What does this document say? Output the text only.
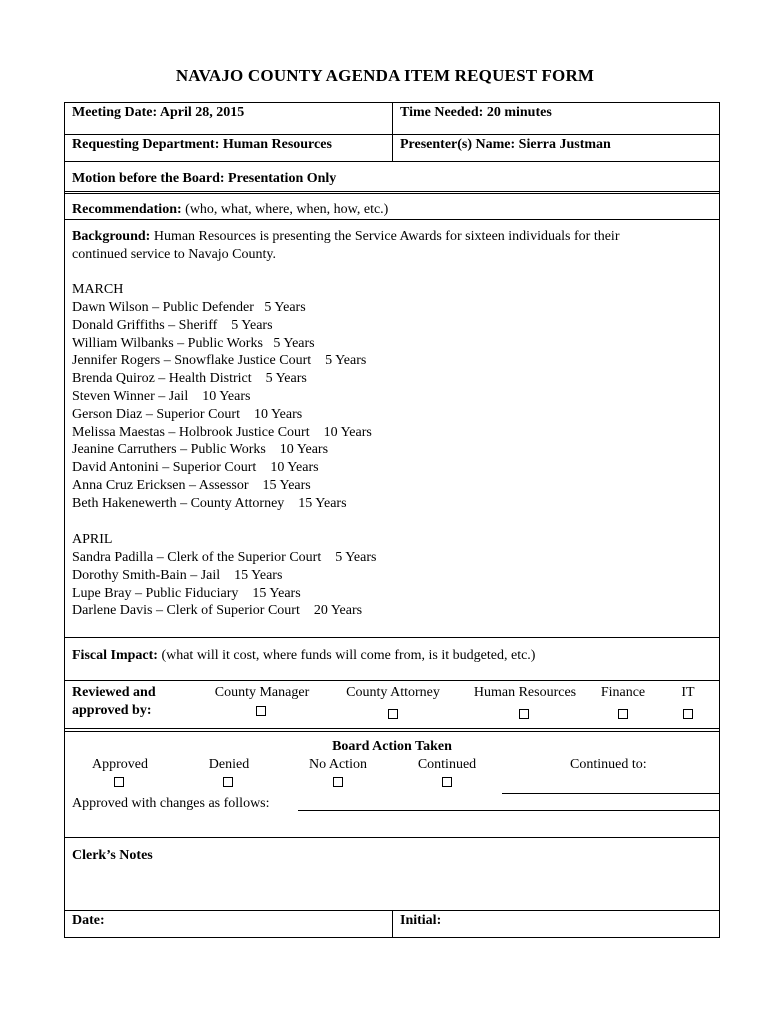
NAVAJO COUNTY AGENDA ITEM REQUEST FORM
Meeting Date: April 28, 2015	Time Needed: 20 minutes
Requesting Department: Human Resources	Presenter(s) Name: Sierra Justman
Motion before the Board: Presentation Only
Recommendation: (who, what, where, when, how, etc.)
Background: Human Resources is presenting the Service Awards for sixteen individuals for their
continued service to Navajo County.
MARCH
Dawn Wilson – Public Defender   5 Years
Donald Griffiths – Sheriff    5 Years
William Wilbanks – Public Works   5 Years
Jennifer Rogers – Snowflake Justice Court    5 Years
Brenda Quiroz – Health District    5 Years
Steven Winner – Jail    10 Years
Gerson Diaz – Superior Court    10 Years
Melissa Maestas – Holbrook Justice Court    10 Years
Jeanine Carruthers – Public Works    10 Years
David Antonini – Superior Court    10 Years
Anna Cruz Ericksen – Assessor    15 Years
Beth Hakenewerth – County Attorney    15 Years
APRIL
Sandra Padilla – Clerk of the Superior Court    5 Years
Dorothy Smith-Bain – Jail    15 Years
Lupe Bray – Public Fiduciary    15 Years
Darlene Davis – Clerk of Superior Court    20 Years
Fiscal Impact: (what will it cost, where funds will come from, is it budgeted, etc.)
Reviewed and
approved by:
County Manager	County Attorney	Human Resources	Finance	IT
Board Action Taken
Approved	Denied	No Action	Continued	Continued to:
Approved with changes as follows:
Clerk’s Notes
Date:	Initial:
